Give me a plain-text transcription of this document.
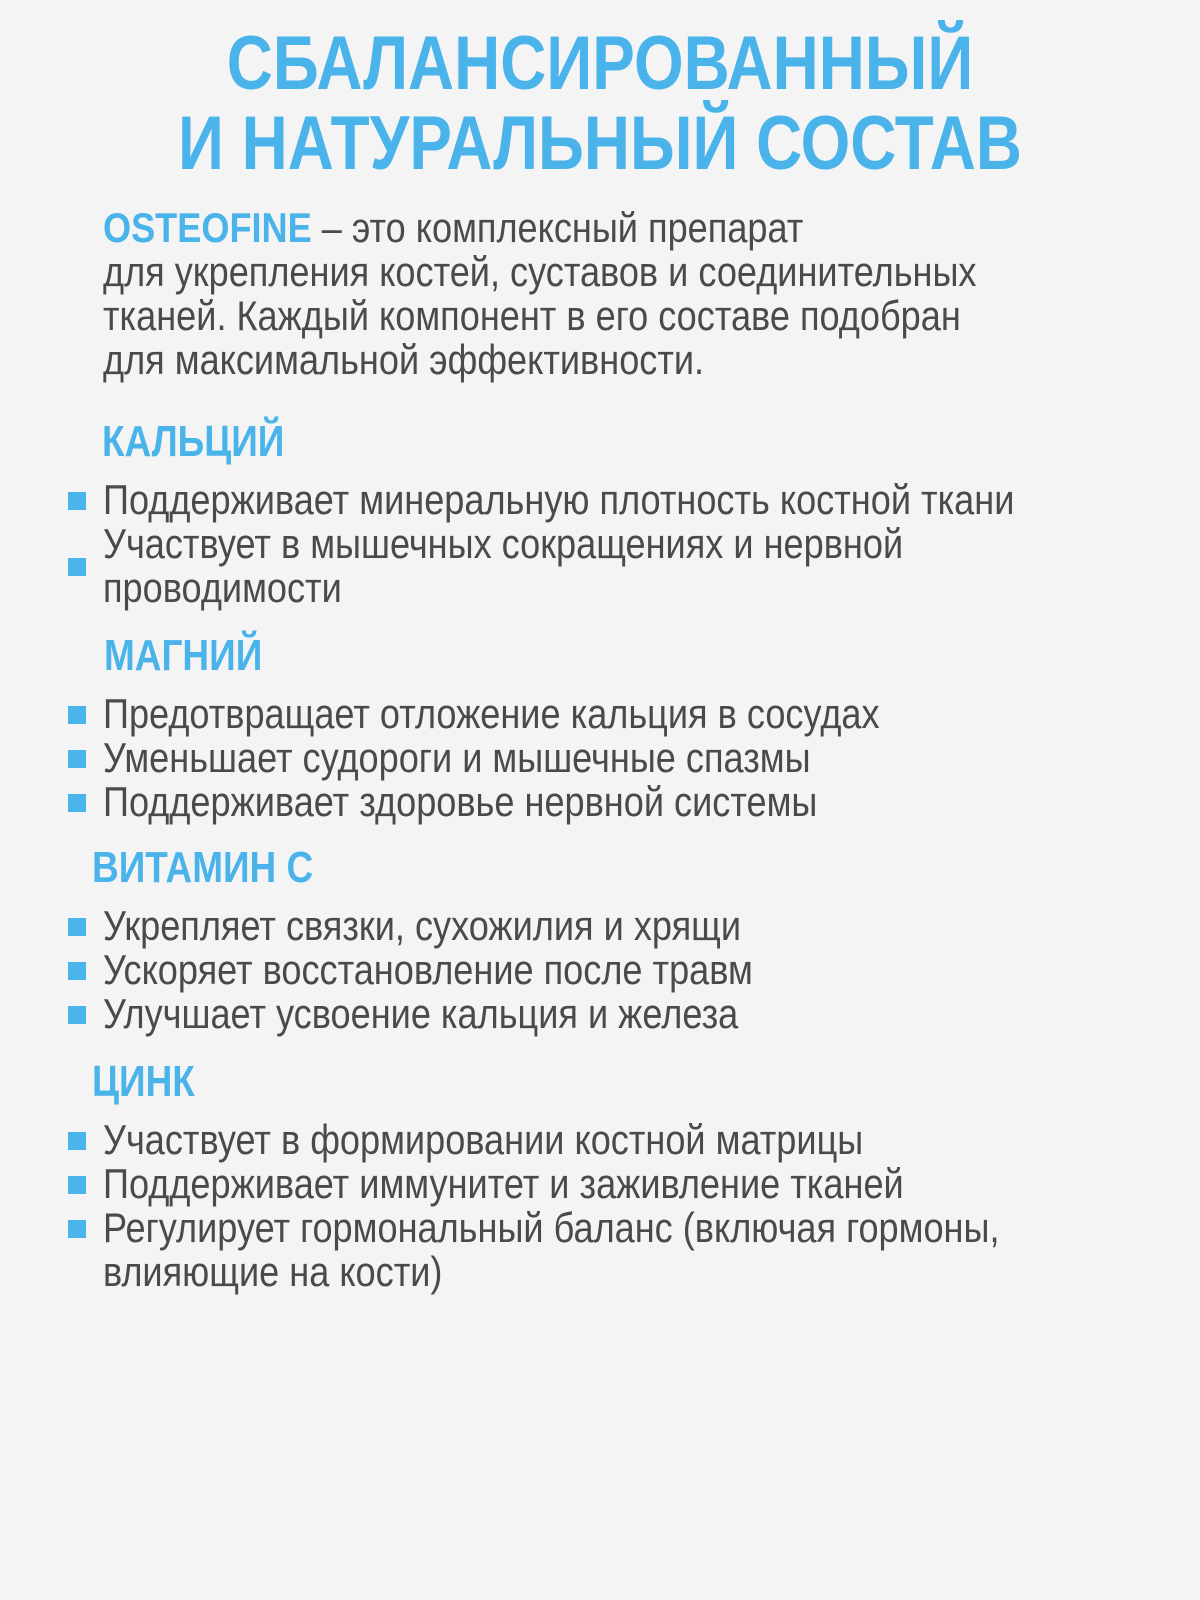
СБАЛАНСИРОВАННЫЙ
И НАТУРАЛЬНЫЙ СОСТАВ

OSTEOFINE – это комплексный препарат
для укрепления костей, суставов и соединительных
тканей. Каждый компонент в его составе подобран
для максимальной эффективности.

КАЛЬЦИЙ
Поддерживает минеральную плотность костной ткани
Участвует в мышечных сокращениях и нервной
проводимости
МАГНИЙ
Предотвращает отложение кальция в сосудах
Уменьшает судороги и мышечные спазмы
Поддерживает здоровье нервной системы
ВИТАМИН С
Укрепляет связки, сухожилия и хрящи
Ускоряет восстановление после травм
Улучшает усвоение кальция и железа
ЦИНК
Участвует в формировании костной матрицы
Поддерживает иммунитет и заживление тканей
Регулирует гормональный баланс (включая гормоны,
влияющие на кости)
